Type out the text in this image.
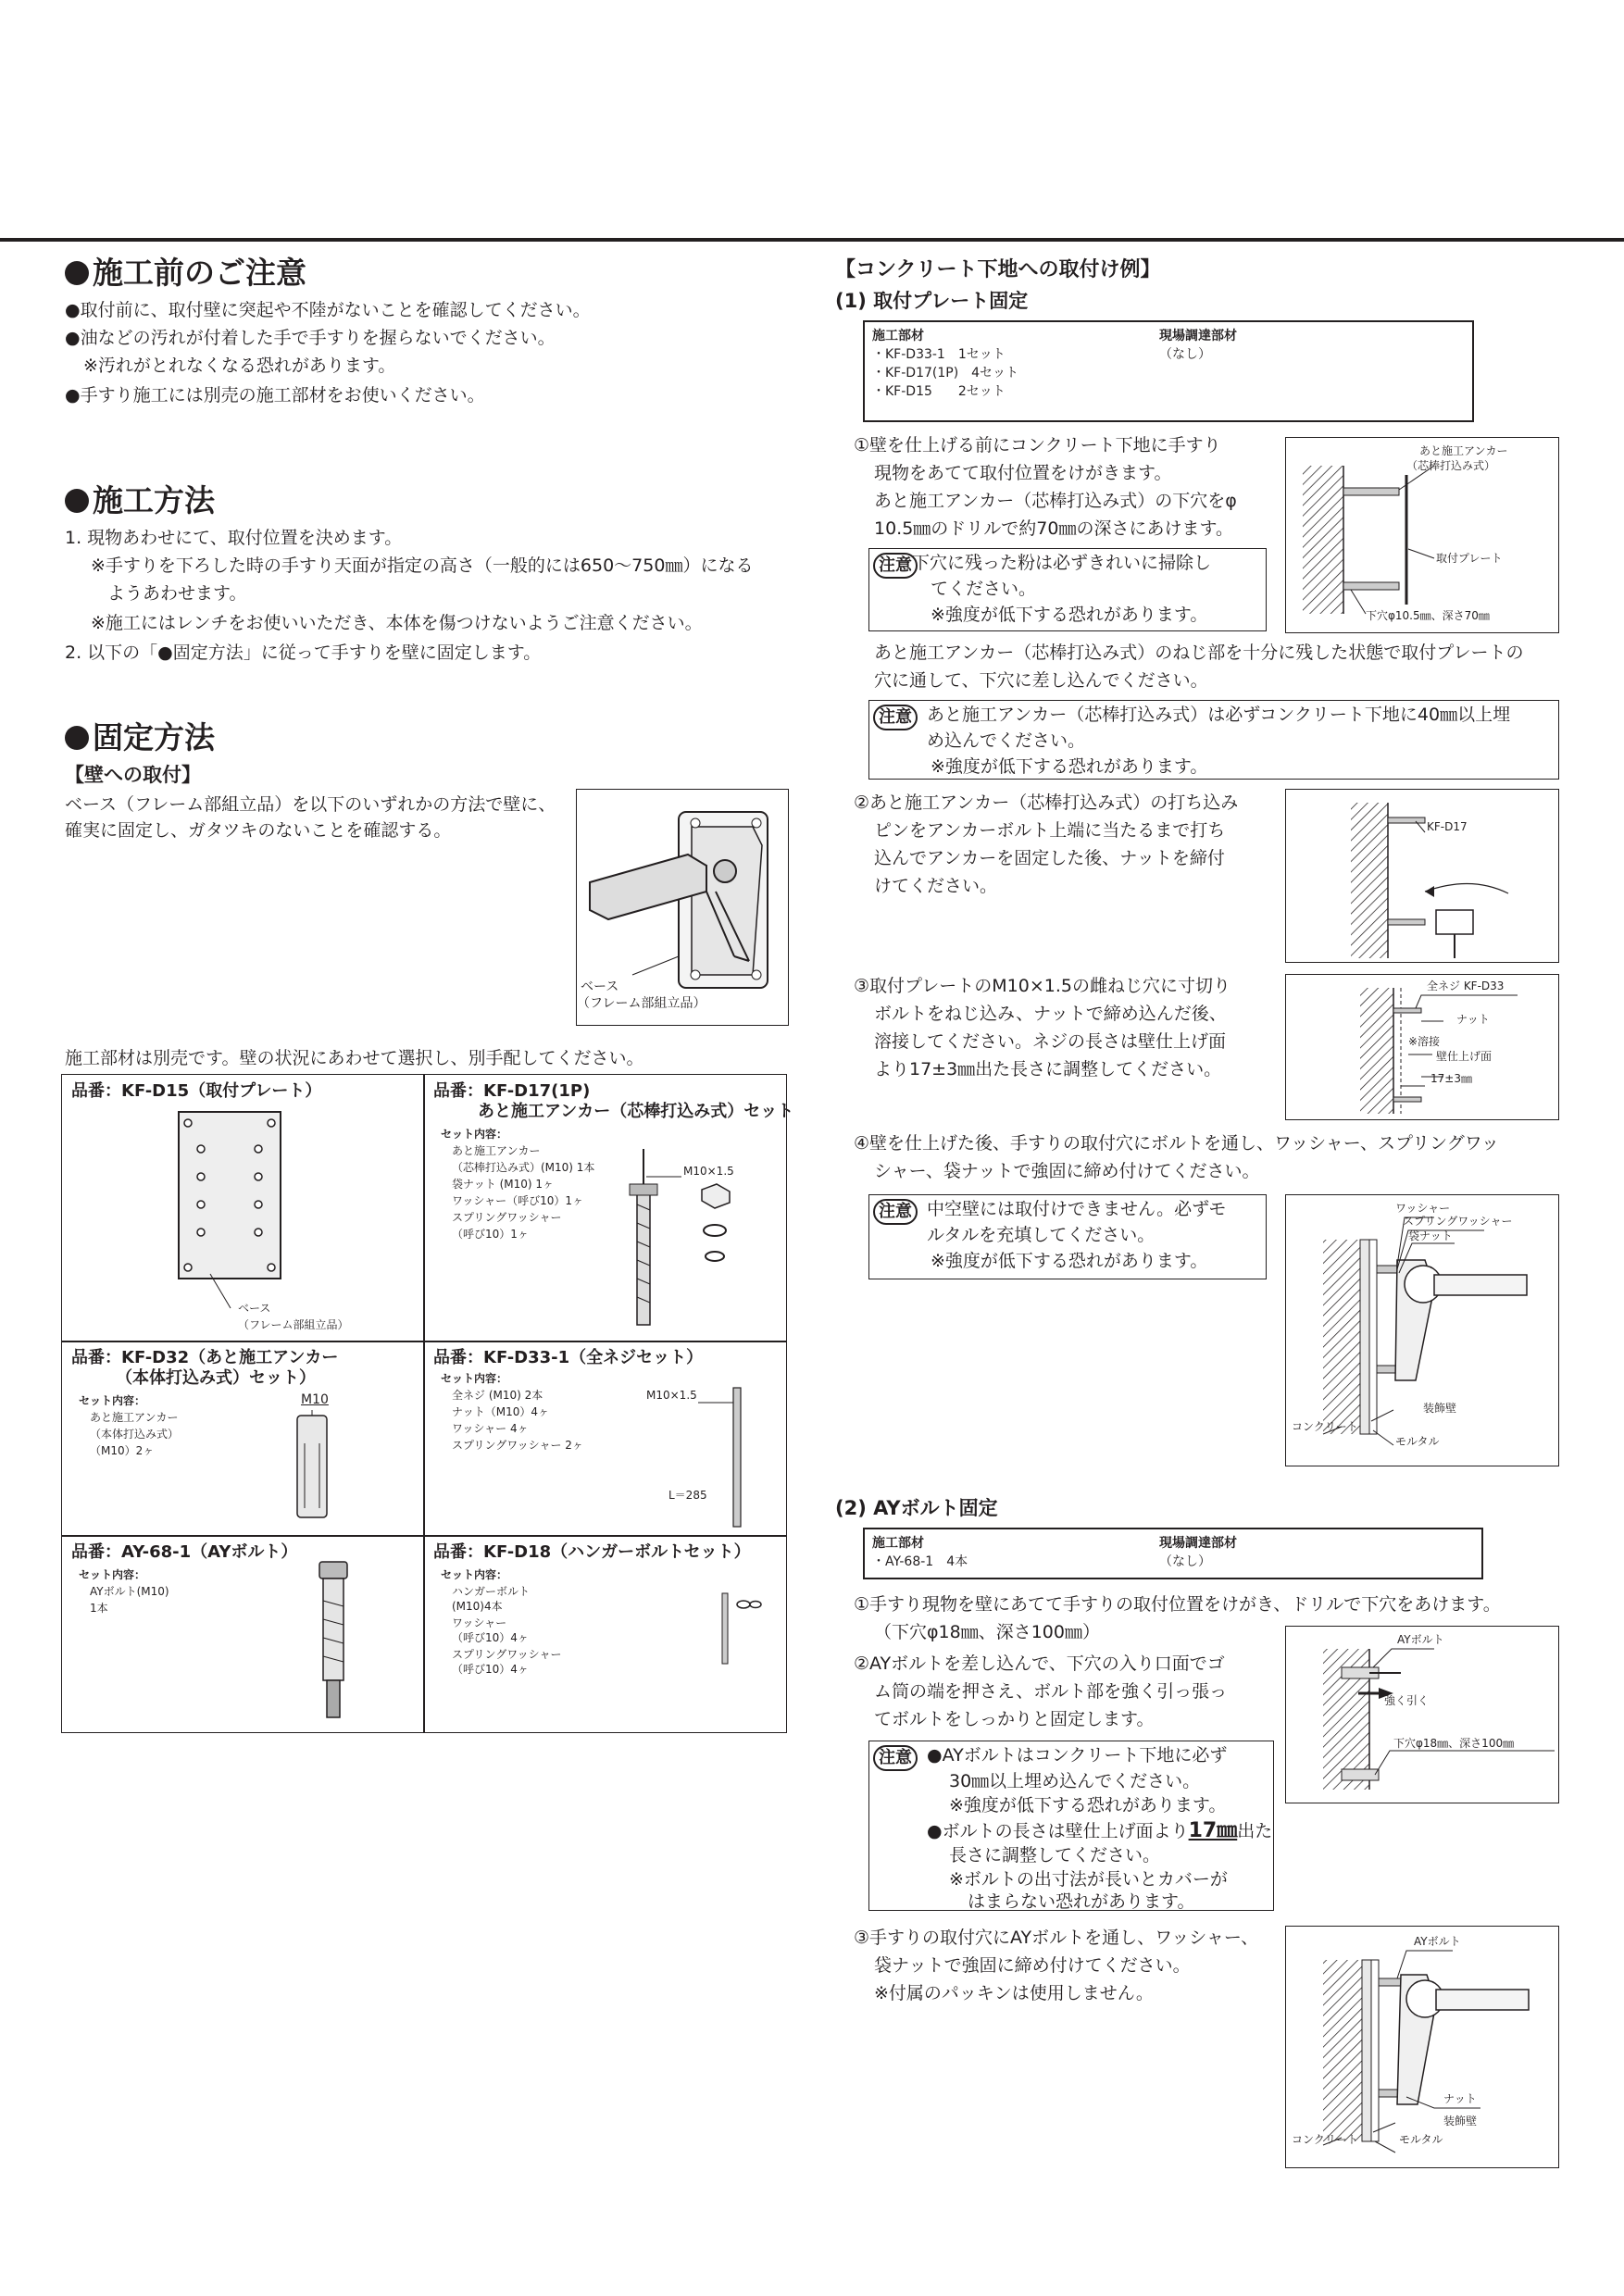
施工前のご注意
●取付前に、取付壁に突起や不陸がないことを確認してください。
●油などの汚れが付着した手で手すりを握らないでください。
※汚れがとれなくなる恐れがあります。
●手すり施工には別売の施工部材をお使いください。
施工方法
1. 現物あわせにて、取付位置を決めます。
※手すりを下ろした時の手すり天面が指定の高さ（一般的には650～750㎜）になる
ようあわせます。
※施工にはレンチをお使いいただき、本体を傷つけないようご注意ください。
2. 以下の「●固定方法」に従って手すりを壁に固定します。
固定方法
【壁への取付】
ベース（フレーム部組立品）を以下のいずれかの方法で壁に、
確実に固定し、ガタツキのないことを確認する。
ベース
（フレーム部組立品）
施工部材は別売です。壁の状況にあわせて選択し、別手配してください。
品番：KF-D15（取付プレート）
ベース
（フレーム部組立品）
品番：KF-D17(1P)
あと施工アンカー（芯棒打込み式）セット
セット内容：
あと施工アンカー
（芯棒打込み式）(M10) 1本
袋ナット (M10) 1ヶ
ワッシャー（呼び10）1ヶ
スプリングワッシャー
（呼び10）1ヶ
M10×1.5
品番：KF-D32（あと施工アンカー
（本体打込み式）セット）
セット内容：
あと施工アンカー
（本体打込み式）
（M10）2ヶ
M10
品番：KF-D33-1（全ネジセット）
セット内容：
全ネジ (M10) 2本
ナット（M10）4ヶ
ワッシャー 4ヶ
スプリングワッシャー 2ヶ
M10×1.5
L＝285
品番：AY-68-1（AYボルト）
セット内容：
AYボルト(M10)
1本
品番：KF-D18（ハンガーボルトセット）
セット内容：
ハンガーボルト
(M10)4本
ワッシャー
（呼び10）4ヶ
スプリングワッシャー
（呼び10）4ヶ
【コンクリート下地への取付け例】
(1) 取付プレート固定
施工部材
・KF-D33-1　1セット
・KF-D17(1P)　4セット
・KF-D15　　2セット
現場調達部材
（なし）
①壁を仕上げる前にコンクリート下地に手すり
現物をあてて取付位置をけがきます。
あと施工アンカー（芯棒打込み式）の下穴をφ
10.5㎜のドリルで約70㎜の深さにあけます。
注意 下穴に残った粉は必ずきれいに掃除し
てください。
※強度が低下する恐れがあります。
あと施工アンカー
（芯棒打込み式）
取付プレート
下穴φ10.5㎜、深さ70㎜
あと施工アンカー（芯棒打込み式）のねじ部を十分に残した状態で取付プレートの
穴に通して、下穴に差し込んでください。
注意 あと施工アンカー（芯棒打込み式）は必ずコンクリート下地に40㎜以上埋
め込んでください。
※強度が低下する恐れがあります。
②あと施工アンカー（芯棒打込み式）の打ち込み
ピンをアンカーボルト上端に当たるまで打ち
込んでアンカーを固定した後、ナットを締付
けてください。
KF-D17
③取付プレートのM10×1.5の雌ねじ穴に寸切り
ボルトをねじ込み、ナットで締め込んだ後、
溶接してください。ネジの長さは壁仕上げ面
より17±3㎜出た長さに調整してください。
全ネジ KF-D33
ナット
※溶接
壁仕上げ面
17±3㎜
④壁を仕上げた後、手すりの取付穴にボルトを通し、ワッシャー、スプリングワッ
シャー、袋ナットで強固に締め付けてください。
注意 中空壁には取付けできません。必ずモ
ルタルを充填してください。
※強度が低下する恐れがあります。
ワッシャー
スプリングワッシャー
袋ナット
装飾壁
コンクリート
モルタル
(2) AYボルト固定
施工部材
・AY-68-1　4本
現場調達部材
（なし）
①手すり現物を壁にあてて手すりの取付位置をけがき、ドリルで下穴をあけます。
（下穴φ18㎜、深さ100㎜）
②AYボルトを差し込んで、下穴の入り口面でゴ
ム筒の端を押さえ、ボルト部を強く引っ張っ
てボルトをしっかりと固定します。
AYボルト
強く引く
下穴φ18㎜、深さ100㎜
注意 ●AYボルトはコンクリート下地に必ず
30㎜以上埋め込んでください。
※強度が低下する恐れがあります。
●ボルトの長さは壁仕上げ面より17㎜出た
長さに調整してください。
※ボルトの出寸法が長いとカバーが
はまらない恐れがあります。
③手すりの取付穴にAYボルトを通し、ワッシャー、
袋ナットで強固に締め付けてください。
※付属のパッキンは使用しません。
AYボルト
ナット
装飾壁
コンクリート	モルタル
